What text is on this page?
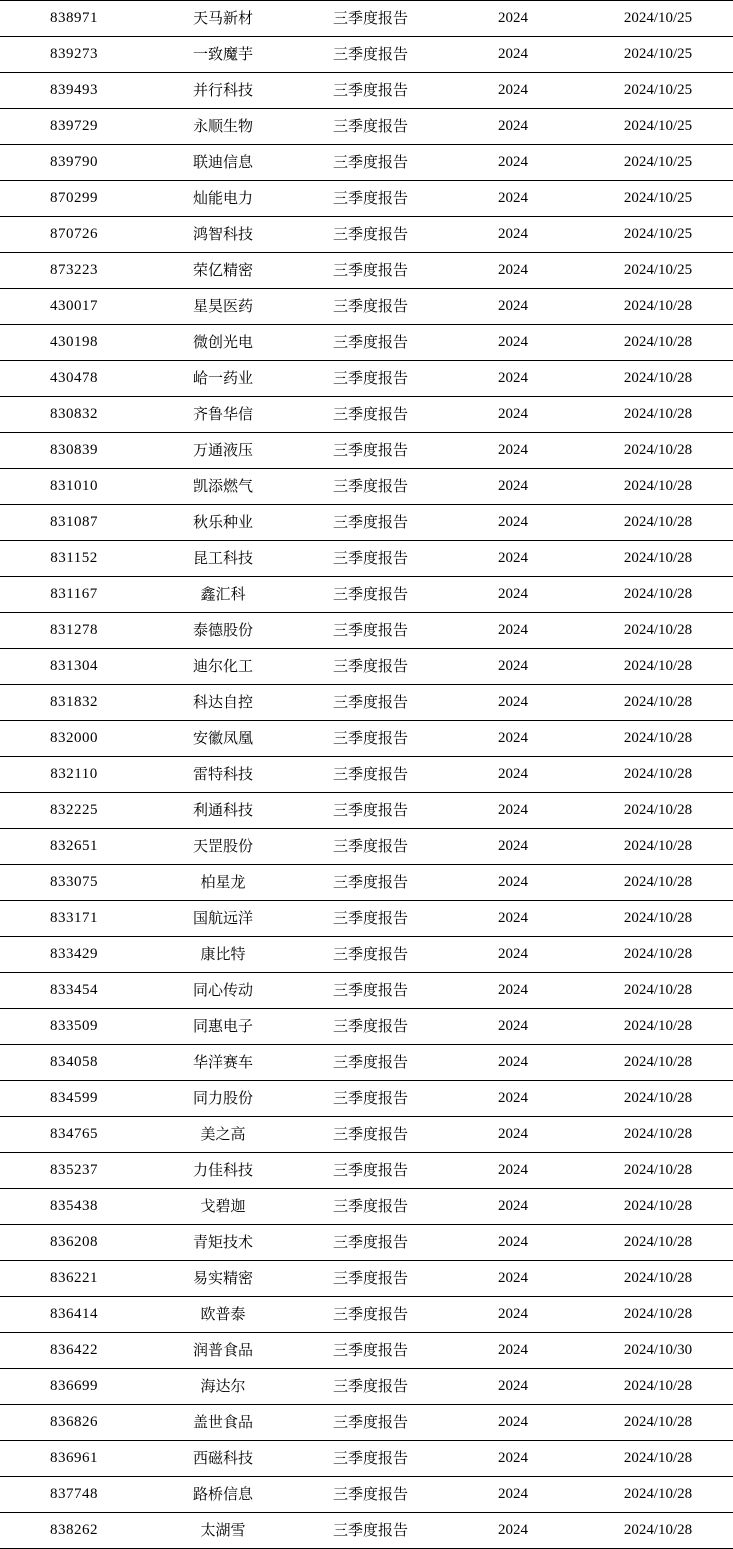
838971	天马新材	三季度报告	2024	2024/10/25
839273	一致魔芋	三季度报告	2024	2024/10/25
839493	并行科技	三季度报告	2024	2024/10/25
839729	永顺生物	三季度报告	2024	2024/10/25
839790	联迪信息	三季度报告	2024	2024/10/25
870299	灿能电力	三季度报告	2024	2024/10/25
870726	鸿智科技	三季度报告	2024	2024/10/25
873223	荣亿精密	三季度报告	2024	2024/10/25
430017	星昊医药	三季度报告	2024	2024/10/28
430198	微创光电	三季度报告	2024	2024/10/28
430478	峆一药业	三季度报告	2024	2024/10/28
830832	齐鲁华信	三季度报告	2024	2024/10/28
830839	万通液压	三季度报告	2024	2024/10/28
831010	凯添燃气	三季度报告	2024	2024/10/28
831087	秋乐种业	三季度报告	2024	2024/10/28
831152	昆工科技	三季度报告	2024	2024/10/28
831167	鑫汇科	三季度报告	2024	2024/10/28
831278	泰德股份	三季度报告	2024	2024/10/28
831304	迪尔化工	三季度报告	2024	2024/10/28
831832	科达自控	三季度报告	2024	2024/10/28
832000	安徽凤凰	三季度报告	2024	2024/10/28
832110	雷特科技	三季度报告	2024	2024/10/28
832225	利通科技	三季度报告	2024	2024/10/28
832651	天罡股份	三季度报告	2024	2024/10/28
833075	柏星龙	三季度报告	2024	2024/10/28
833171	国航远洋	三季度报告	2024	2024/10/28
833429	康比特	三季度报告	2024	2024/10/28
833454	同心传动	三季度报告	2024	2024/10/28
833509	同惠电子	三季度报告	2024	2024/10/28
834058	华洋赛车	三季度报告	2024	2024/10/28
834599	同力股份	三季度报告	2024	2024/10/28
834765	美之高	三季度报告	2024	2024/10/28
835237	力佳科技	三季度报告	2024	2024/10/28
835438	戈碧迦	三季度报告	2024	2024/10/28
836208	青矩技术	三季度报告	2024	2024/10/28
836221	易实精密	三季度报告	2024	2024/10/28
836414	欧普泰	三季度报告	2024	2024/10/28
836422	润普食品	三季度报告	2024	2024/10/30
836699	海达尔	三季度报告	2024	2024/10/28
836826	盖世食品	三季度报告	2024	2024/10/28
836961	西磁科技	三季度报告	2024	2024/10/28
837748	路桥信息	三季度报告	2024	2024/10/28
838262	太湖雪	三季度报告	2024	2024/10/28
